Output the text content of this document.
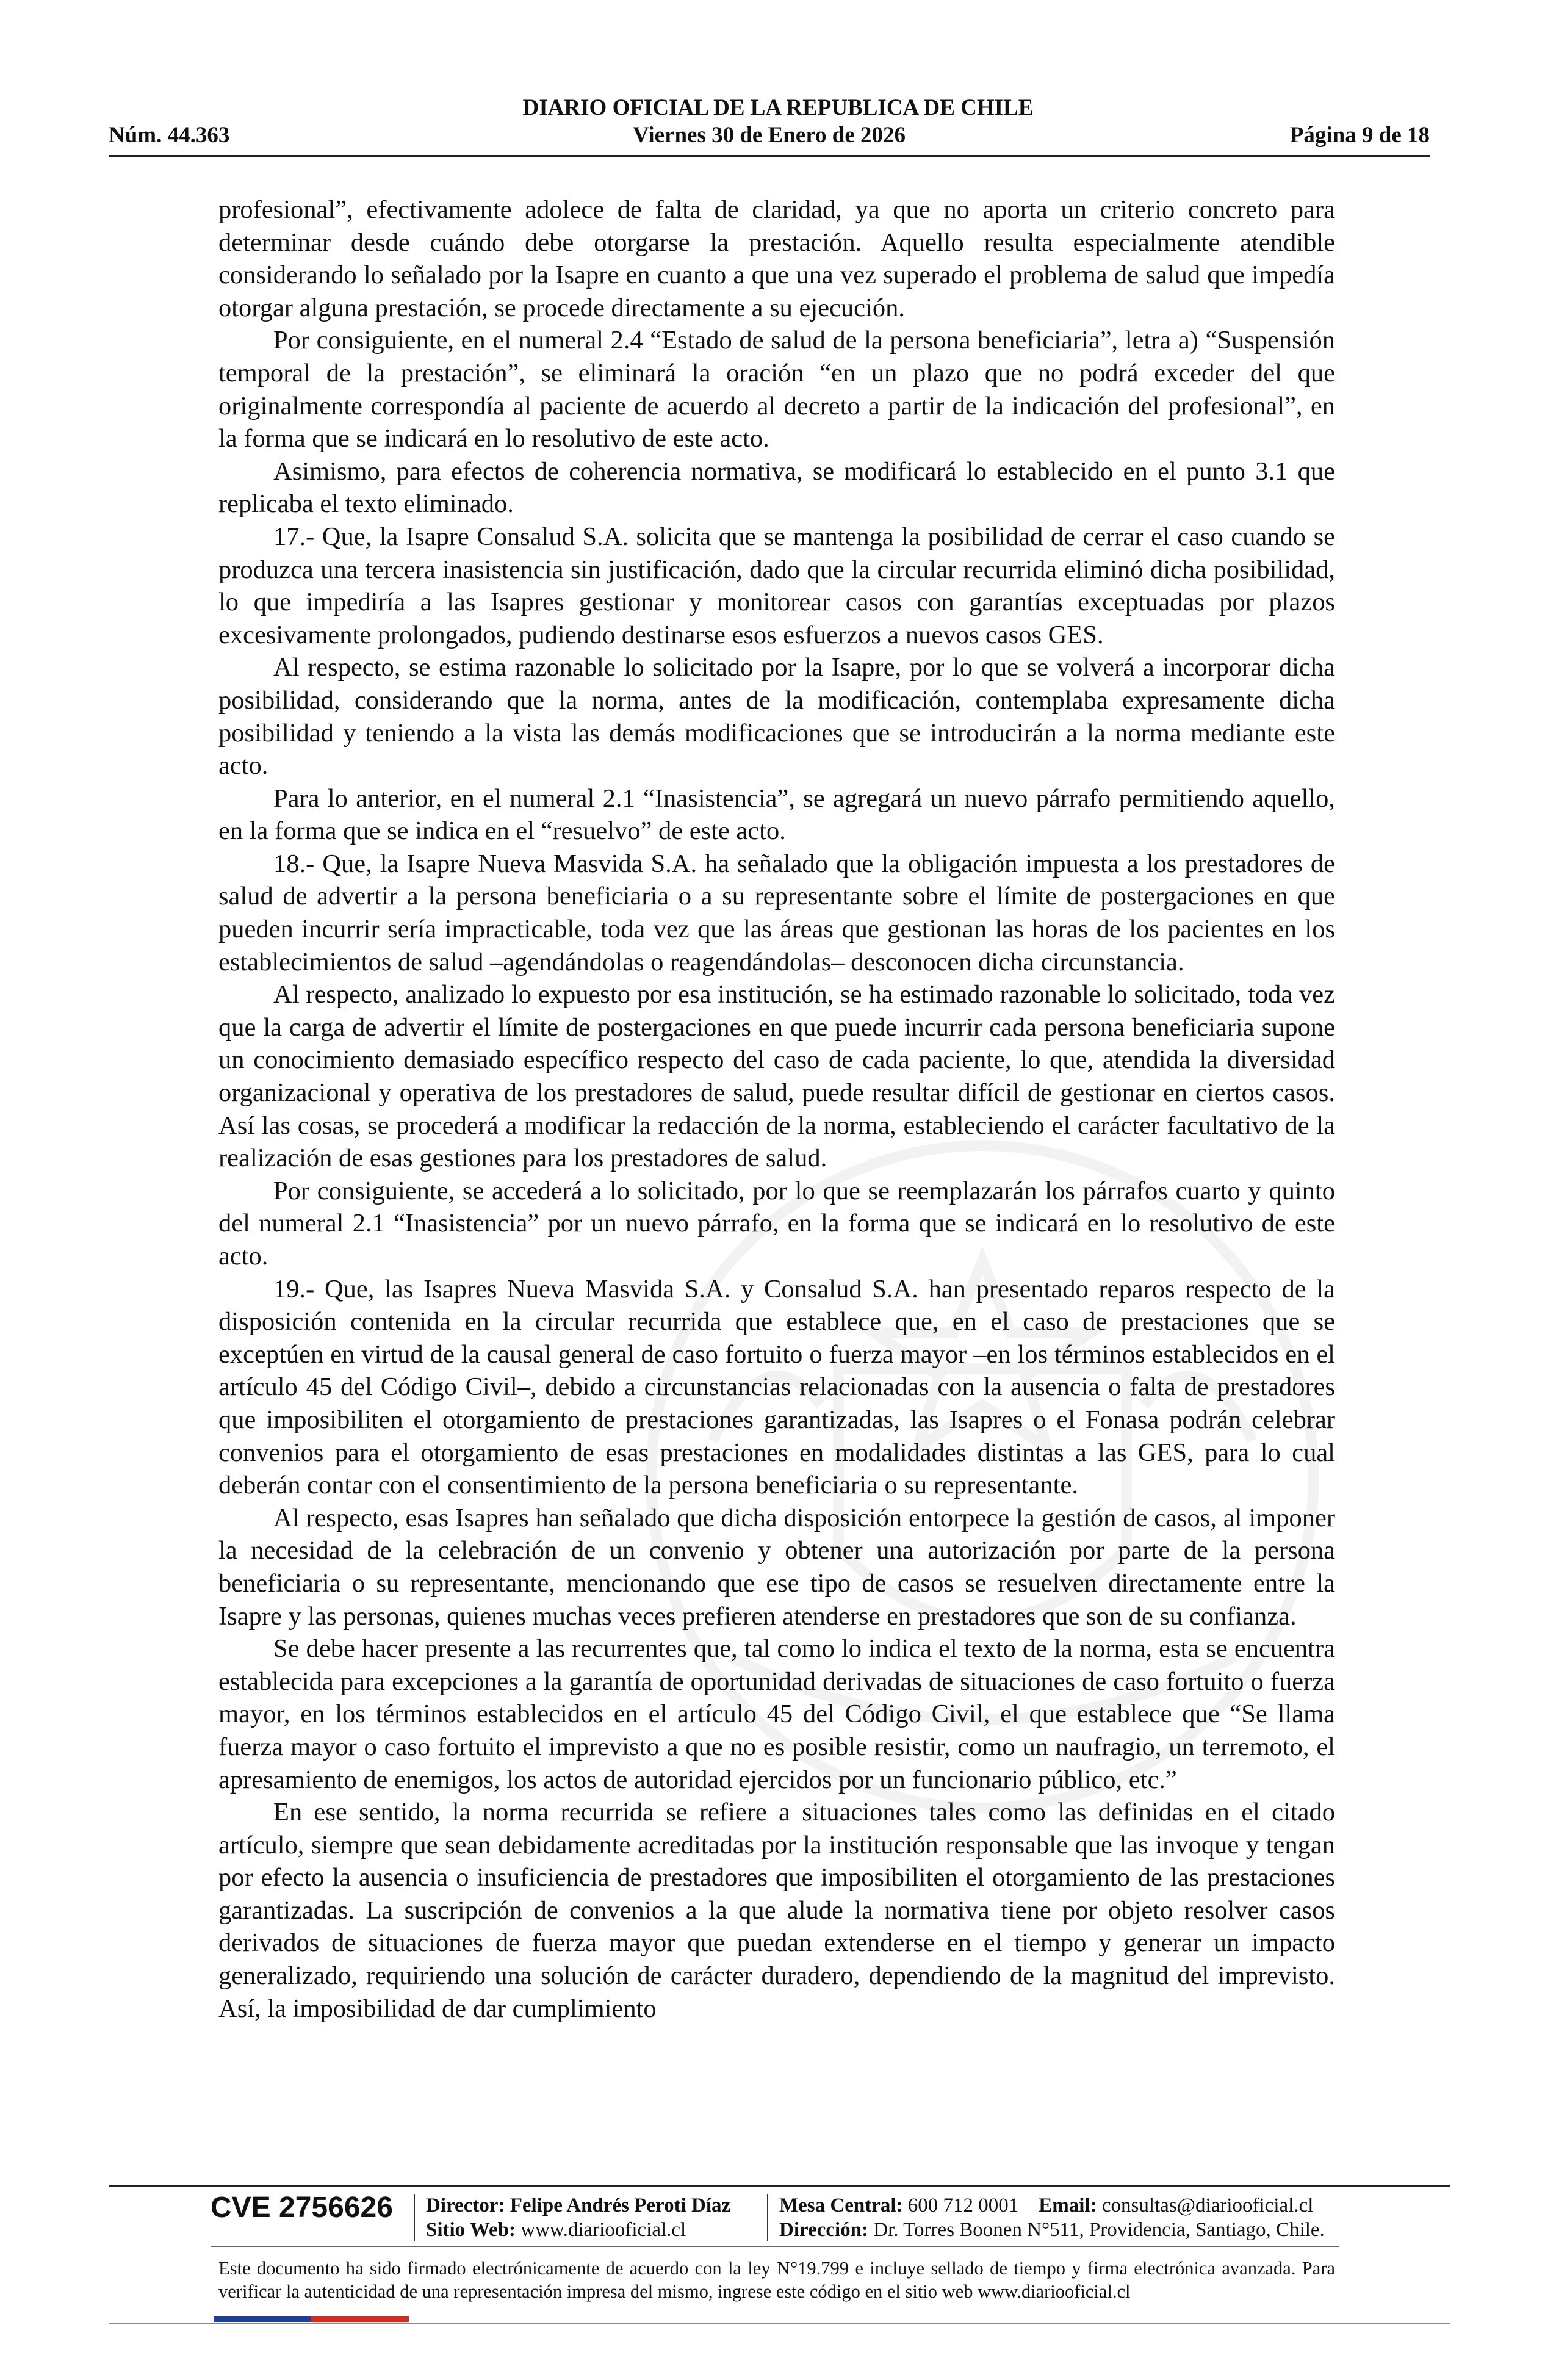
DIARIO OFICIAL DE LA REPUBLICA DE CHILE
Viernes 30 de Enero de 2026
Núm. 44.363	Página 9 de 18

profesional”, efectivamente adolece de falta de claridad, ya que no aporta un criterio concreto para determinar desde cuándo debe otorgarse la prestación. Aquello resulta especialmente atendible considerando lo señalado por la Isapre en cuanto a que una vez superado el problema de salud que impedía otorgar alguna prestación, se procede directamente a su ejecución.

Por consiguiente, en el numeral 2.4 “Estado de salud de la persona beneficiaria”, letra a) “Suspensión temporal de la prestación”, se eliminará la oración “en un plazo que no podrá exceder del que originalmente correspondía al paciente de acuerdo al decreto a partir de la indicación del profesional”, en la forma que se indicará en lo resolutivo de este acto.

Asimismo, para efectos de coherencia normativa, se modificará lo establecido en el punto 3.1 que replicaba el texto eliminado.

17.- Que, la Isapre Consalud S.A. solicita que se mantenga la posibilidad de cerrar el caso cuando se produzca una tercera inasistencia sin justificación, dado que la circular recurrida eliminó dicha posibilidad, lo que impediría a las Isapres gestionar y monitorear casos con garantías exceptuadas por plazos excesivamente prolongados, pudiendo destinarse esos esfuerzos a nuevos casos GES.

Al respecto, se estima razonable lo solicitado por la Isapre, por lo que se volverá a incorporar dicha posibilidad, considerando que la norma, antes de la modificación, contemplaba expresamente dicha posibilidad y teniendo a la vista las demás modificaciones que se introducirán a la norma mediante este acto.

Para lo anterior, en el numeral 2.1 “Inasistencia”, se agregará un nuevo párrafo permitiendo aquello, en la forma que se indica en el “resuelvo” de este acto.

18.- Que, la Isapre Nueva Masvida S.A. ha señalado que la obligación impuesta a los prestadores de salud de advertir a la persona beneficiaria o a su representante sobre el límite de postergaciones en que pueden incurrir sería impracticable, toda vez que las áreas que gestionan las horas de los pacientes en los establecimientos de salud –agendándolas o reagendándolas– desconocen dicha circunstancia.

Al respecto, analizado lo expuesto por esa institución, se ha estimado razonable lo solicitado, toda vez que la carga de advertir el límite de postergaciones en que puede incurrir cada persona beneficiaria supone un conocimiento demasiado específico respecto del caso de cada paciente, lo que, atendida la diversidad organizacional y operativa de los prestadores de salud, puede resultar difícil de gestionar en ciertos casos. Así las cosas, se procederá a modificar la redacción de la norma, estableciendo el carácter facultativo de la realización de esas gestiones para los prestadores de salud.

Por consiguiente, se accederá a lo solicitado, por lo que se reemplazarán los párrafos cuarto y quinto del numeral 2.1 “Inasistencia” por un nuevo párrafo, en la forma que se indicará en lo resolutivo de este acto.

19.- Que, las Isapres Nueva Masvida S.A. y Consalud S.A. han presentado reparos respecto de la disposición contenida en la circular recurrida que establece que, en el caso de prestaciones que se exceptúen en virtud de la causal general de caso fortuito o fuerza mayor –en los términos establecidos en el artículo 45 del Código Civil–, debido a circunstancias relacionadas con la ausencia o falta de prestadores que imposibiliten el otorgamiento de prestaciones garantizadas, las Isapres o el Fonasa podrán celebrar convenios para el otorgamiento de esas prestaciones en modalidades distintas a las GES, para lo cual deberán contar con el consentimiento de la persona beneficiaria o su representante.

Al respecto, esas Isapres han señalado que dicha disposición entorpece la gestión de casos, al imponer la necesidad de la celebración de un convenio y obtener una autorización por parte de la persona beneficiaria o su representante, mencionando que ese tipo de casos se resuelven directamente entre la Isapre y las personas, quienes muchas veces prefieren atenderse en prestadores que son de su confianza.

Se debe hacer presente a las recurrentes que, tal como lo indica el texto de la norma, esta se encuentra establecida para excepciones a la garantía de oportunidad derivadas de situaciones de caso fortuito o fuerza mayor, en los términos establecidos en el artículo 45 del Código Civil, el que establece que “Se llama fuerza mayor o caso fortuito el imprevisto a que no es posible resistir, como un naufragio, un terremoto, el apresamiento de enemigos, los actos de autoridad ejercidos por un funcionario público, etc.”

En ese sentido, la norma recurrida se refiere a situaciones tales como las definidas en el citado artículo, siempre que sean debidamente acreditadas por la institución responsable que las invoque y tengan por efecto la ausencia o insuficiencia de prestadores que imposibiliten el otorgamiento de las prestaciones garantizadas. La suscripción de convenios a la que alude la normativa tiene por objeto resolver casos derivados de situaciones de fuerza mayor que puedan extenderse en el tiempo y generar un impacto generalizado, requiriendo una solución de carácter duradero, dependiendo de la magnitud del imprevisto. Así, la imposibilidad de dar cumplimiento

CVE 2756626 Director: Felipe Andrés Peroti Díaz
Sitio Web: www.diariooficial.cl
Mesa Central: 600 712 0001 Email: consultas@diariooficial.cl
Dirección: Dr. Torres Boonen N°511, Providencia, Santiago, Chile.
Este documento ha sido firmado electrónicamente de acuerdo con la ley N°19.799 e incluye sellado de tiempo y firma electrónica avanzada. Para verificar la autenticidad de una representación impresa del mismo, ingrese este código en el sitio web www.diariooficial.cl
